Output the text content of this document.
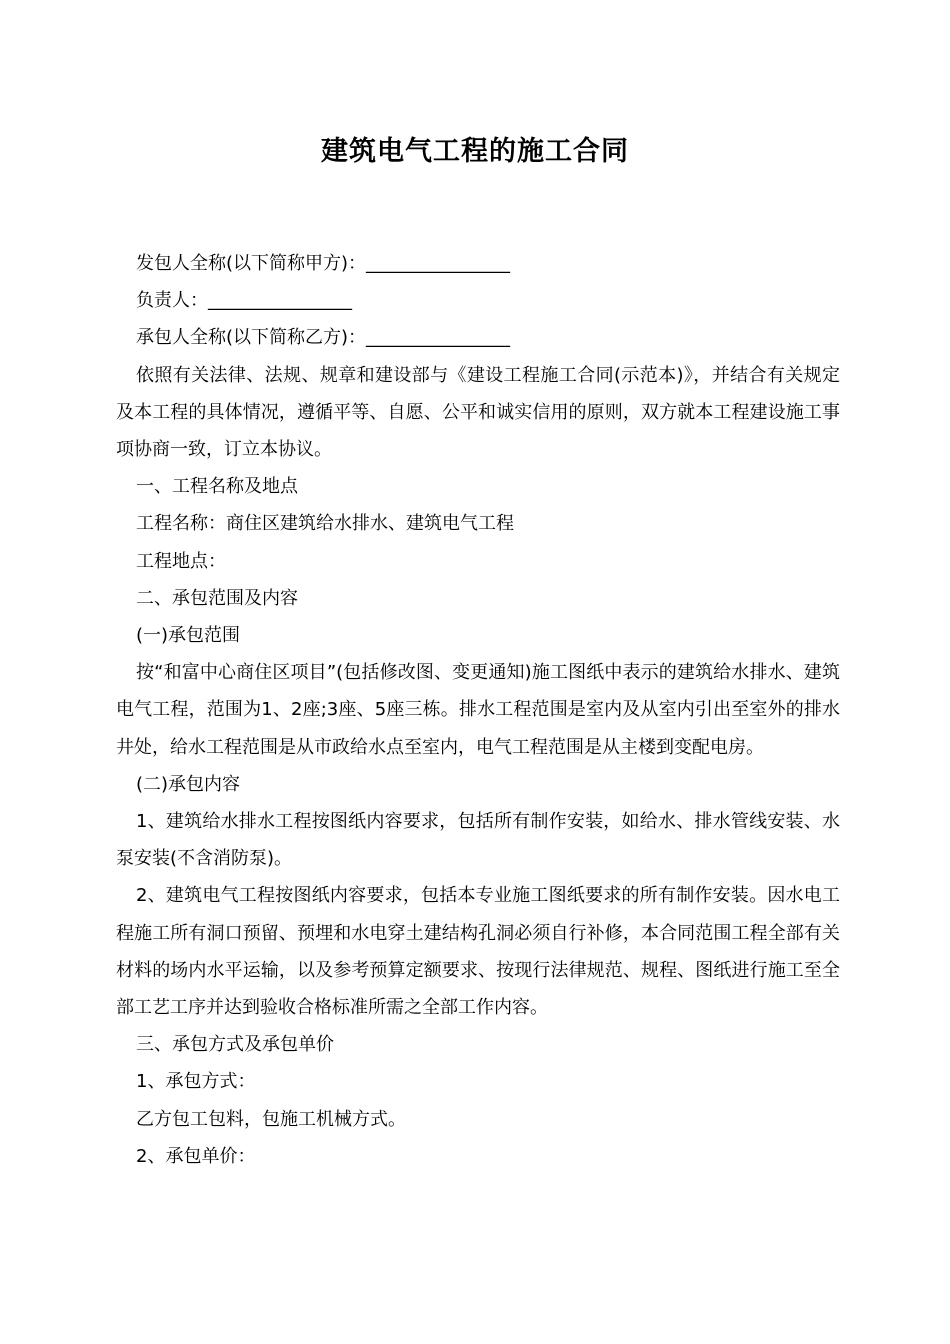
建筑电气工程的施工合同

发包人全称(以下简称甲方)：________________

负责人：________________

承包人全称(以下简称乙方)：________________

依照有关法律、法规、规章和建设部与《建设工程施工合同(示范本)》，并结合有关规定及本工程的具体情况，遵循平等、自愿、公平和诚实信用的原则，双方就本工程建设施工事项协商一致，订立本协议。

一、工程名称及地点

工程名称：商住区建筑给水排水、建筑电气工程

工程地点：

二、承包范围及内容

(一)承包范围

按“和富中心商住区项目”(包括修改图、变更通知)施工图纸中表示的建筑给水排水、建筑电气工程，范围为1、2座;3座、5座三栋。排水工程范围是室内及从室内引出至室外的排水井处，给水工程范围是从市政给水点至室内，电气工程范围是从主楼到变配电房。

(二)承包内容

1、建筑给水排水工程按图纸内容要求，包括所有制作安装，如给水、排水管线安装、水泵安装(不含消防泵)。

2、建筑电气工程按图纸内容要求，包括本专业施工图纸要求的所有制作安装。因水电工程施工所有洞口预留、预埋和水电穿土建结构孔洞必须自行补修，本合同范围工程全部有关材料的场内水平运输，以及参考预算定额要求、按现行法律规范、规程、图纸进行施工至全部工艺工序并达到验收合格标准所需之全部工作内容。

三、承包方式及承包单价

1、承包方式：

乙方包工包料，包施工机械方式。

2、承包单价：
